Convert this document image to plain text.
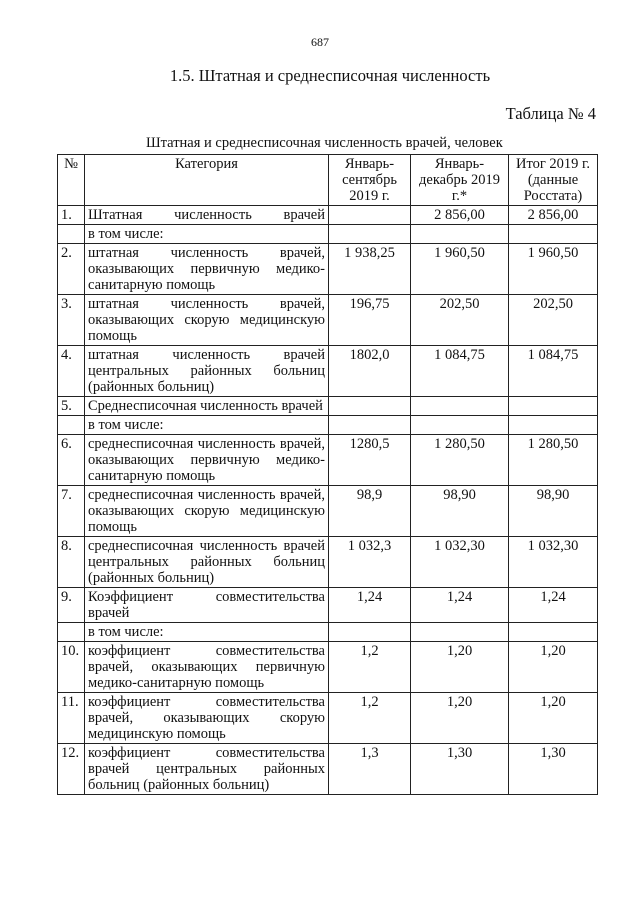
687
1.5. Штатная и среднесписочная численность
Таблица № 4
Штатная и среднесписочная численность врачей, человек
№	Категория	Январь-сентябрь 2019 г.	Январь-декабрь 2019 г.*	Итог 2019 г. (данные Росстата)
1.	Штатная численность врачей		2 856,00	2 856,00
	в том числе:			
2.	штатная численность врачей, оказывающих первичную медико-санитарную помощь	1 938,25	1 960,50	1 960,50
3.	штатная численность врачей, оказывающих скорую медицинскую помощь	196,75	202,50	202,50
4.	штатная численность врачей центральных районных больниц (районных больниц)	1802,0	1 084,75	1 084,75
5.	Среднесписочная численность врачей			
	в том числе:			
6.	среднесписочная численность врачей, оказывающих первичную медико-санитарную помощь	1280,5	1 280,50	1 280,50
7.	среднесписочная численность врачей, оказывающих скорую медицинскую помощь	98,9	98,90	98,90
8.	среднесписочная численность врачей центральных районных больниц (районных больниц)	1 032,3	1 032,30	1 032,30
9.	Коэффициент совместительства врачей	1,24	1,24	1,24
	в том числе:			
10.	коэффициент совместительства врачей, оказывающих первичную медико-санитарную помощь	1,2	1,20	1,20
11.	коэффициент совместительства врачей, оказывающих скорую медицинскую помощь	1,2	1,20	1,20
12.	коэффициент совместительства врачей центральных районных больниц (районных больниц)	1,3	1,30	1,30
